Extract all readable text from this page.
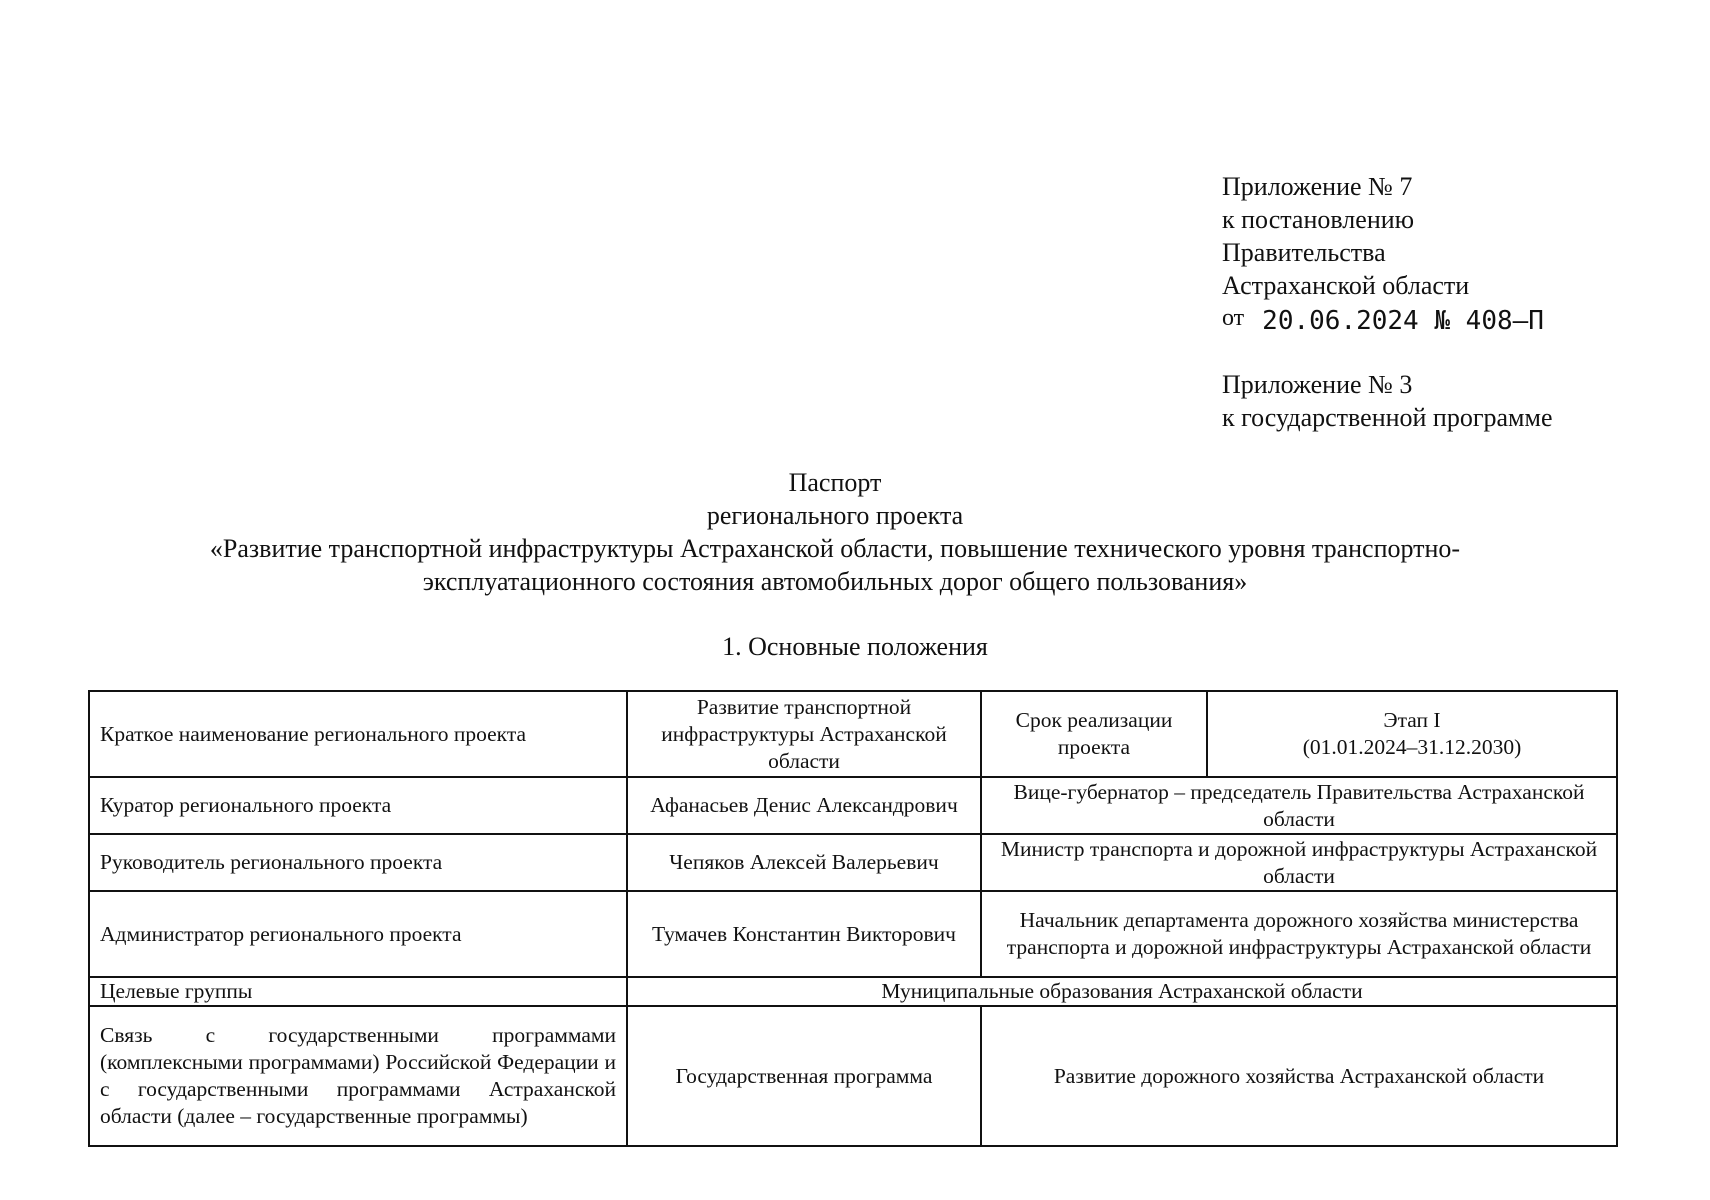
Приложение № 7
к постановлению
Правительства
Астраханской области
от 20.06.2024 № 408–П
Приложение № 3
к государственной программе
Паспорт
регионального проекта
«Развитие транспортной инфраструктуры Астраханской области, повышение технического уровня транспортно-
эксплуатационного состояния автомобильных дорог общего пользования»
1. Основные положения
Краткое наименование регионального проекта	Развитие транспортной инфраструктуры Астраханской области	Срок реализации проекта	Этап I
(01.01.2024–31.12.2030)

Куратор регионального проекта	Афанасьев Денис Александрович	Вице-губернатор – председатель Правительства Астраханской области	
Руководитель регионального проекта	Чепяков Алексей Валерьевич	Министр транспорта и дорожной инфраструктуры Астраханской области	
Администратор регионального проекта	Тумачев Константин Викторович	Начальник департамента дорожного хозяйства министерства транспорта и дорожной инфраструктуры Астраханской области	
Целевые группы	Муниципальные образования Астраханской области		
Связь с государственными программами (комплексными программами) Российской Федерации и с государственными программами Астраханской области (далее – государственные программы)	Государственная программа	Развитие дорожного хозяйства Астраханской области	
